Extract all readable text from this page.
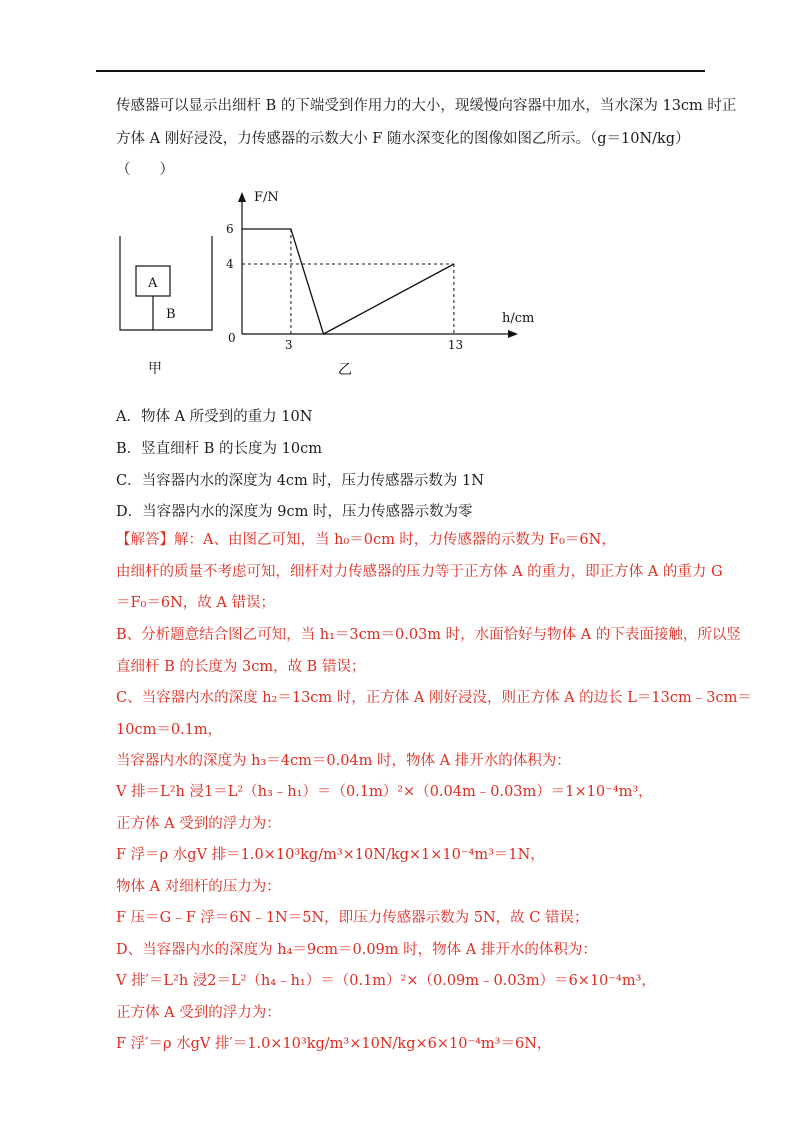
传感器可以显示出细杆 B 的下端受到作用力的大小，现缓慢向容器中加水，当水深为 13cm 时正
方体 A 刚好浸没，力传感器的示数大小 F 随水深变化的图像如图乙所示。（g＝10N/kg）
（　　）
A
B
甲
F/N
h/cm
0	3	13
6
4
乙
A．物体 A 所受到的重力 10N
B．竖直细杆 B 的长度为 10cm
C．当容器内水的深度为 4cm 时，压力传感器示数为 1N
D．当容器内水的深度为 9cm 时，压力传感器示数为零
【解答】解：A、由图乙可知，当 h₀＝0cm 时，力传感器的示数为 F₀＝6N，
由细杆的质量不考虑可知，细杆对力传感器的压力等于正方体 A 的重力，即正方体 A 的重力 G
＝F₀＝6N，故 A 错误；
B、分析题意结合图乙可知，当 h₁＝3cm＝0.03m 时，水面恰好与物体 A 的下表面接触，所以竖
直细杆 B 的长度为 3cm，故 B 错误；
C、当容器内水的深度 h₂＝13cm 时，正方体 A 刚好浸没，则正方体 A 的边长 L＝13cm﹣3cm＝
10cm＝0.1m，
当容器内水的深度为 h₃＝4cm＝0.04m 时，物体 A 排开水的体积为：
V 排＝L²h 浸1＝L²（h₃﹣h₁）＝（0.1m）²×（0.04m﹣0.03m）＝1×10⁻⁴m³，
正方体 A 受到的浮力为：
F 浮＝ρ 水gV 排＝1.0×10³kg/m³×10N/kg×1×10⁻⁴m³＝1N，
物体 A 对细杆的压力为：
F 压＝G﹣F 浮＝6N﹣1N＝5N，即压力传感器示数为 5N，故 C 错误；
D、当容器内水的深度为 h₄＝9cm＝0.09m 时，物体 A 排开水的体积为：
V 排′＝L²h 浸2＝L²（h₄﹣h₁）＝（0.1m）²×（0.09m﹣0.03m）＝6×10⁻⁴m³，
正方体 A 受到的浮力为：
F 浮′＝ρ 水gV 排′＝1.0×10³kg/m³×10N/kg×6×10⁻⁴m³＝6N，
